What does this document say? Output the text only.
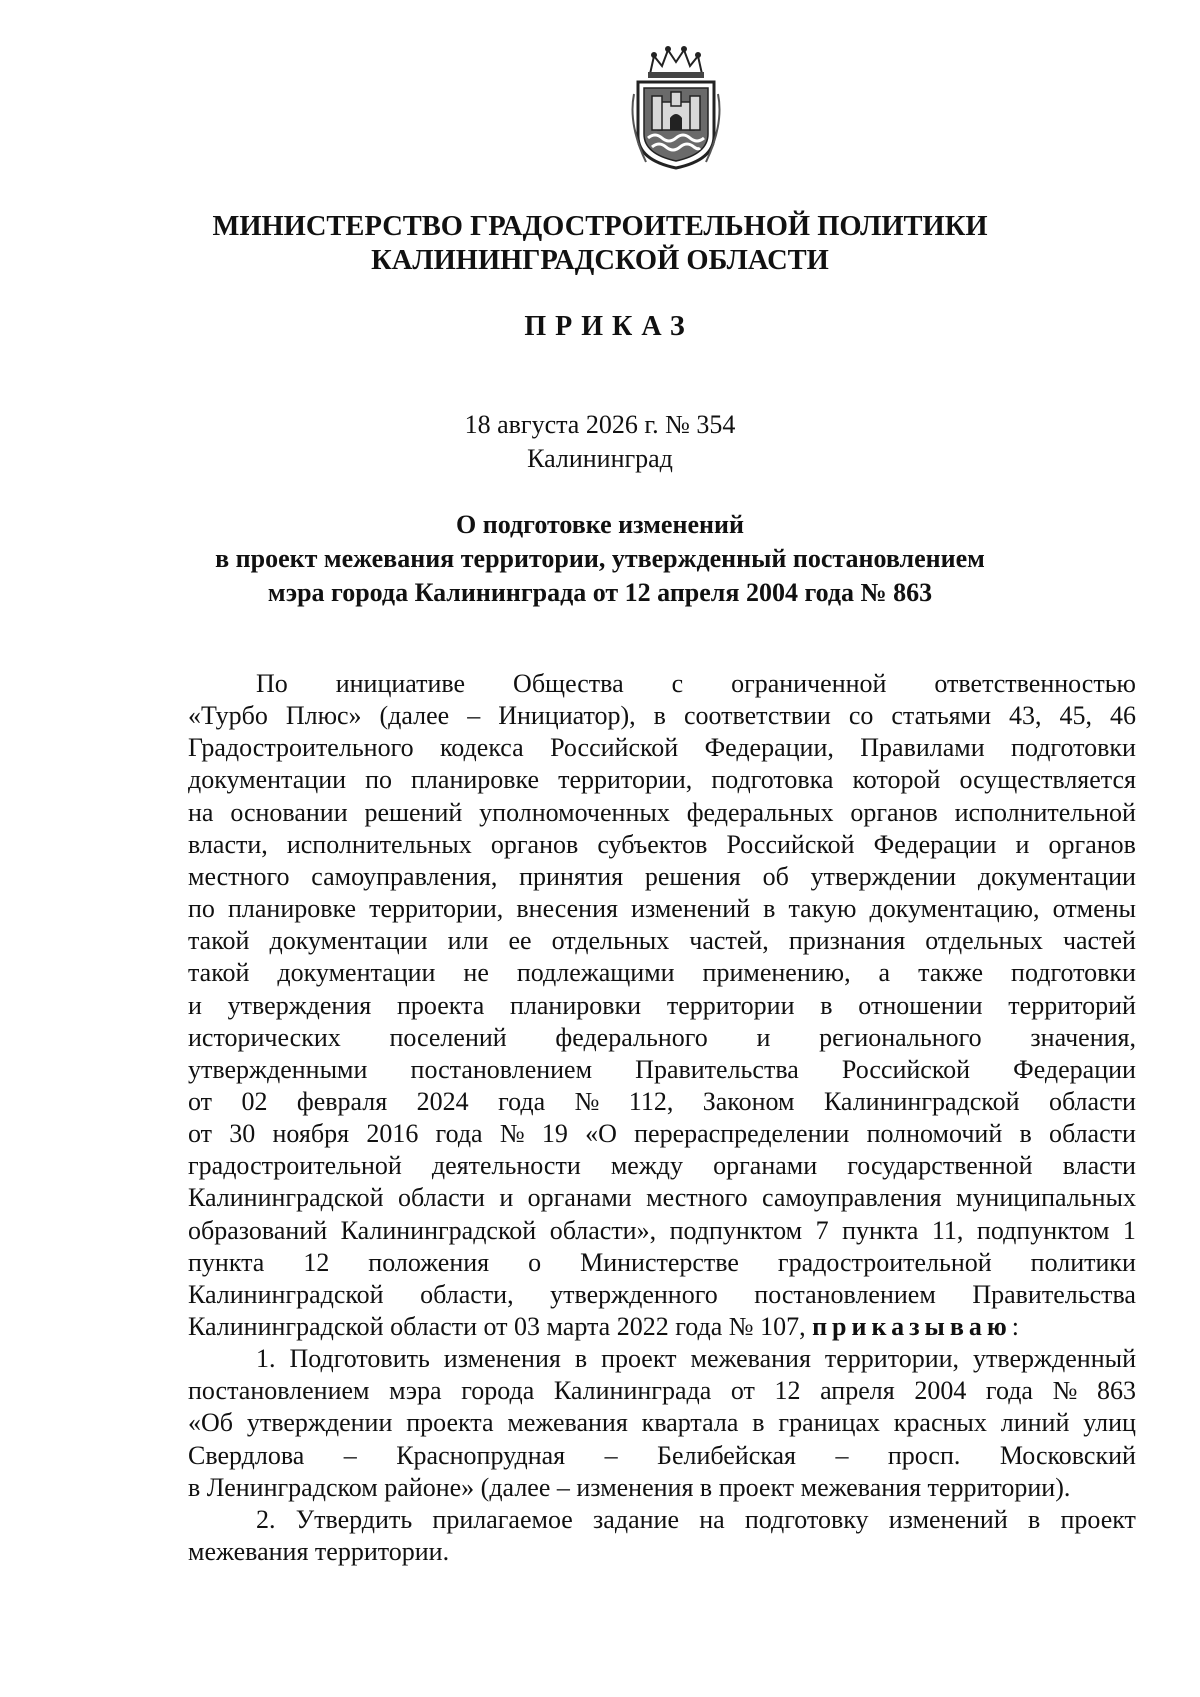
МИНИСТЕРСТВО ГРАДОСТРОИТЕЛЬНОЙ ПОЛИТИКИ
КАЛИНИНГРАДСКОЙ ОБЛАСТИ
ПРИКАЗ
18 августа 2026 г. № 354
Калининград
О подготовке изменений
в проект межевания территории, утвержденный постановлением
мэра города Калининграда от 12 апреля 2004 года № 863
По инициативе Общества с ограниченной ответственностью
«Турбо Плюс» (далее – Инициатор), в соответствии со статьями 43, 45, 46
Градостроительного кодекса Российской Федерации, Правилами подготовки
документации по планировке территории, подготовка которой осуществляется
на основании решений уполномоченных федеральных органов исполнительной
власти, исполнительных органов субъектов Российской Федерации и органов
местного самоуправления, принятия решения об утверждении документации
по планировке территории, внесения изменений в такую документацию, отмены
такой документации или ее отдельных частей, признания отдельных частей
такой документации не подлежащими применению, а также подготовки
и утверждения проекта планировки территории в отношении территорий
исторических поселений федерального и регионального значения,
утвержденными постановлением Правительства Российской Федерации
от 02 февраля 2024 года № 112, Законом Калининградской области
от 30 ноября 2016 года № 19 «О перераспределении полномочий в области
градостроительной деятельности между органами государственной власти
Калининградской области и органами местного самоуправления муниципальных
образований Калининградской области», подпунктом 7 пункта 11, подпунктом 1
пункта 12 положения о Министерстве градостроительной политики
Калининградской области, утвержденного постановлением Правительства
Калининградской области от 03 марта 2022 года № 107, приказываю:
1. Подготовить изменения в проект межевания территории, утвержденный
постановлением мэра города Калининграда от 12 апреля 2004 года № 863
«Об утверждении проекта межевания квартала в границах красных линий улиц
Свердлова – Краснопрудная – Белибейская – просп. Московский
в Ленинградском районе» (далее – изменения в проект межевания территории).
2. Утвердить прилагаемое задание на подготовку изменений в проект
межевания территории.
